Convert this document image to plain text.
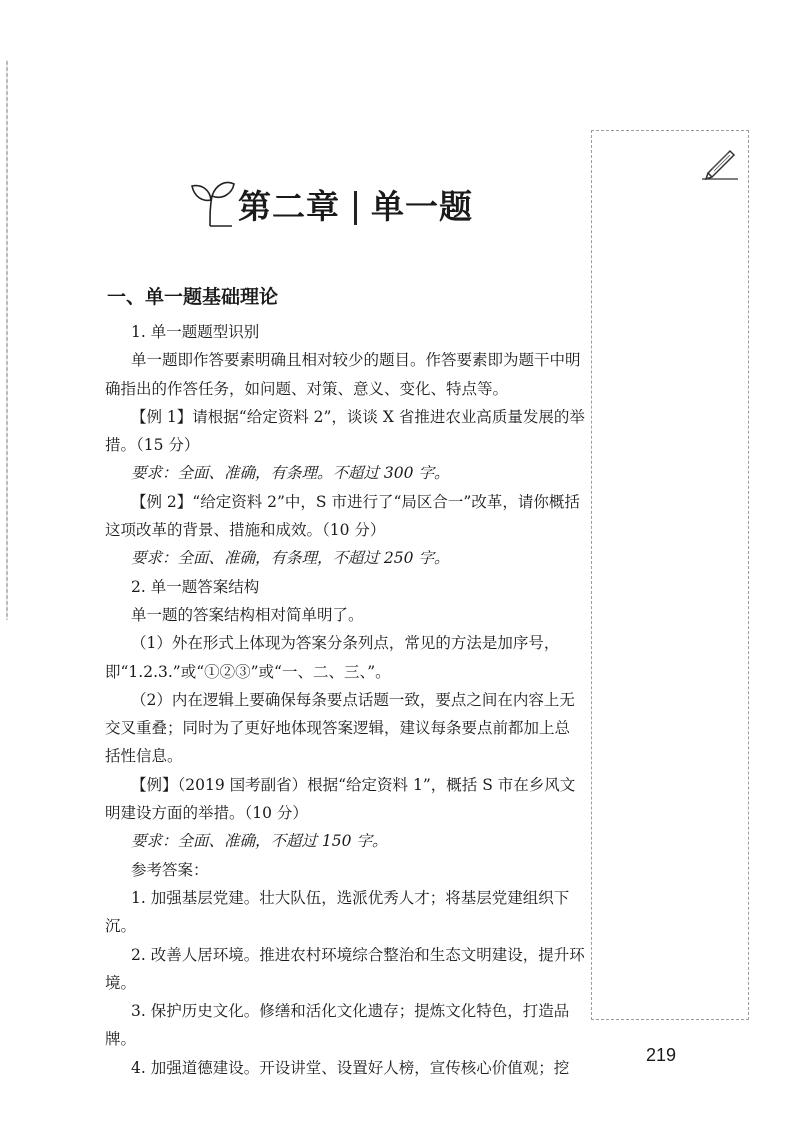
第二章 单一题
一、单一题基础理论

1. 单一题题型识别

单一题即作答要素明确且相对较少的题目。作答要素即为题干中明确指出的作答任务，如问题、对策、意义、变化、特点等。

【例 1】请根据“给定资料 2”，谈谈 X 省推进农业高质量发展的举措。（15 分）

要求：全面、准确，有条理。不超过 300 字。

【例 2】“给定资料 2”中，S 市进行了“局区合一”改革，请你概括这项改革的背景、措施和成效。（10 分）

要求：全面、准确，有条理，不超过 250 字。

2. 单一题答案结构

单一题的答案结构相对简单明了。

（1）外在形式上体现为答案分条列点，常见的方法是加序号，即“1.2.3.”或“①②③”或“一、二、三、”。

（2）内在逻辑上要确保每条要点话题一致，要点之间在内容上无交叉重叠；同时为了更好地体现答案逻辑，建议每条要点前都加上总括性信息。

【例】（2019 国考副省）根据“给定资料 1”，概括 S 市在乡风文明建设方面的举措。（10 分）

要求：全面、准确，不超过 150 字。

参考答案：

1. 加强基层党建。壮大队伍，选派优秀人才；将基层党建组织下沉。

2. 改善人居环境。推进农村环境综合整治和生态文明建设，提升环境。

3. 保护历史文化。修缮和活化文化遗存；提炼文化特色，打造品牌。

4. 加强道德建设。开设讲堂、设置好人榜，宣传核心价值观；挖

219
